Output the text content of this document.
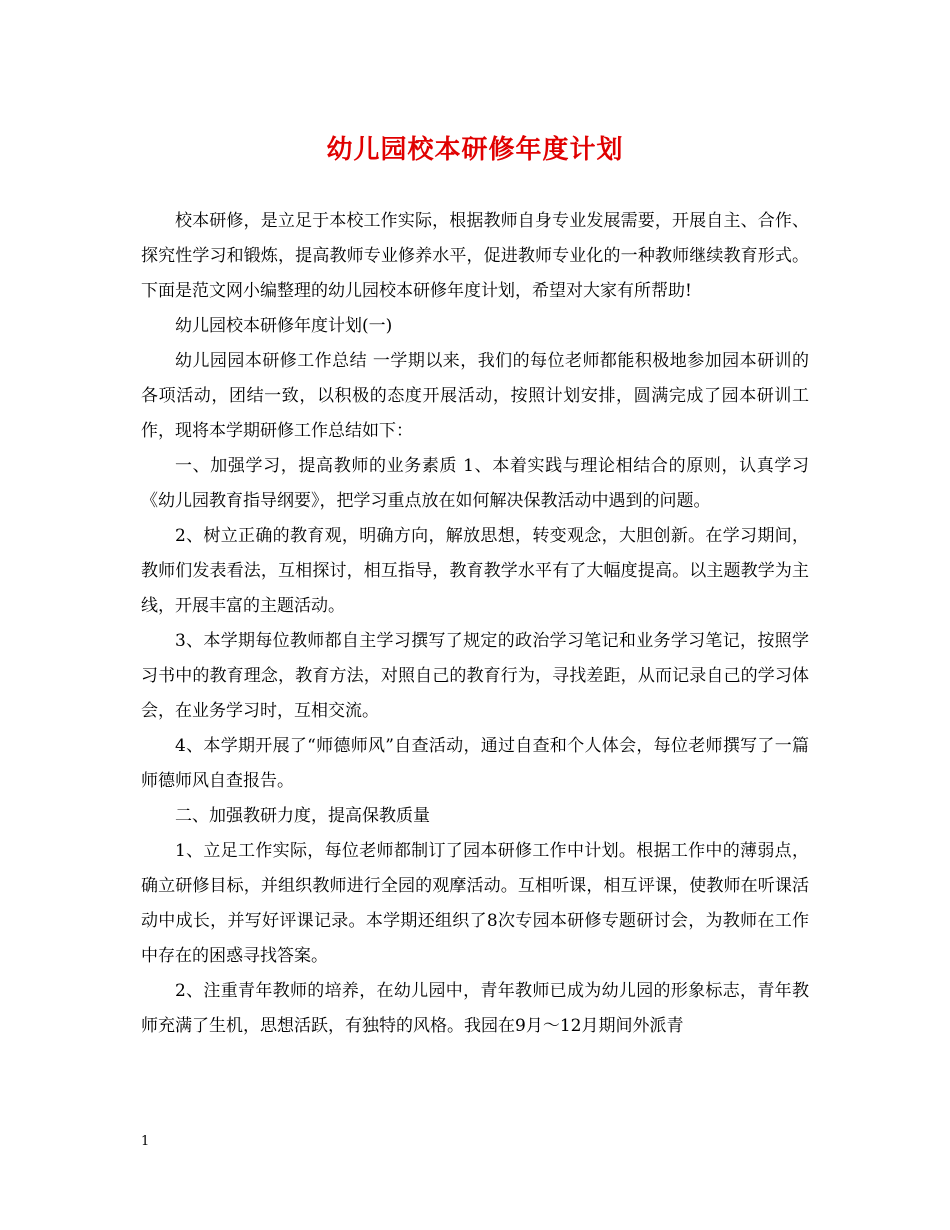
幼儿园校本研修年度计划

校本研修，是立足于本校工作实际，根据教师自身专业发展需要，开展自主、合作、探究性学习和锻炼，提高教师专业修养水平，促进教师专业化的一种教师继续教育形式。下面是范文网小编整理的幼儿园校本研修年度计划，希望对大家有所帮助!

幼儿园校本研修年度计划(一)

幼儿园园本研修工作总结 一学期以来，我们的每位老师都能积极地参加园本研训的各项活动，团结一致，以积极的态度开展活动，按照计划安排，圆满完成了园本研训工作，现将本学期研修工作总结如下：

一、加强学习，提高教师的业务素质 1、本着实践与理论相结合的原则，认真学习《幼儿园教育指导纲要》，把学习重点放在如何解决保教活动中遇到的问题。

2、树立正确的教育观，明确方向，解放思想，转变观念，大胆创新。在学习期间，教师们发表看法，互相探讨，相互指导，教育教学水平有了大幅度提高。以主题教学为主线，开展丰富的主题活动。

3、本学期每位教师都自主学习撰写了规定的政治学习笔记和业务学习笔记，按照学习书中的教育理念，教育方法，对照自己的教育行为，寻找差距，从而记录自己的学习体会，在业务学习时，互相交流。

4、本学期开展了“师德师风”自查活动，通过自查和个人体会，每位老师撰写了一篇师德师风自查报告。

二、加强教研力度，提高保教质量

1、立足工作实际，每位老师都制订了园本研修工作中计划。根据工作中的薄弱点，确立研修目标，并组织教师进行全园的观摩活动。互相听课，相互评课，使教师在听课活动中成长，并写好评课记录。本学期还组织了8次专园本研修专题研讨会，为教师在工作中存在的困惑寻找答案。

2、注重青年教师的培养，在幼儿园中，青年教师已成为幼儿园的形象标志，青年教师充满了生机，思想活跃，有独特的风格。我园在9月～12月期间外派青

1
